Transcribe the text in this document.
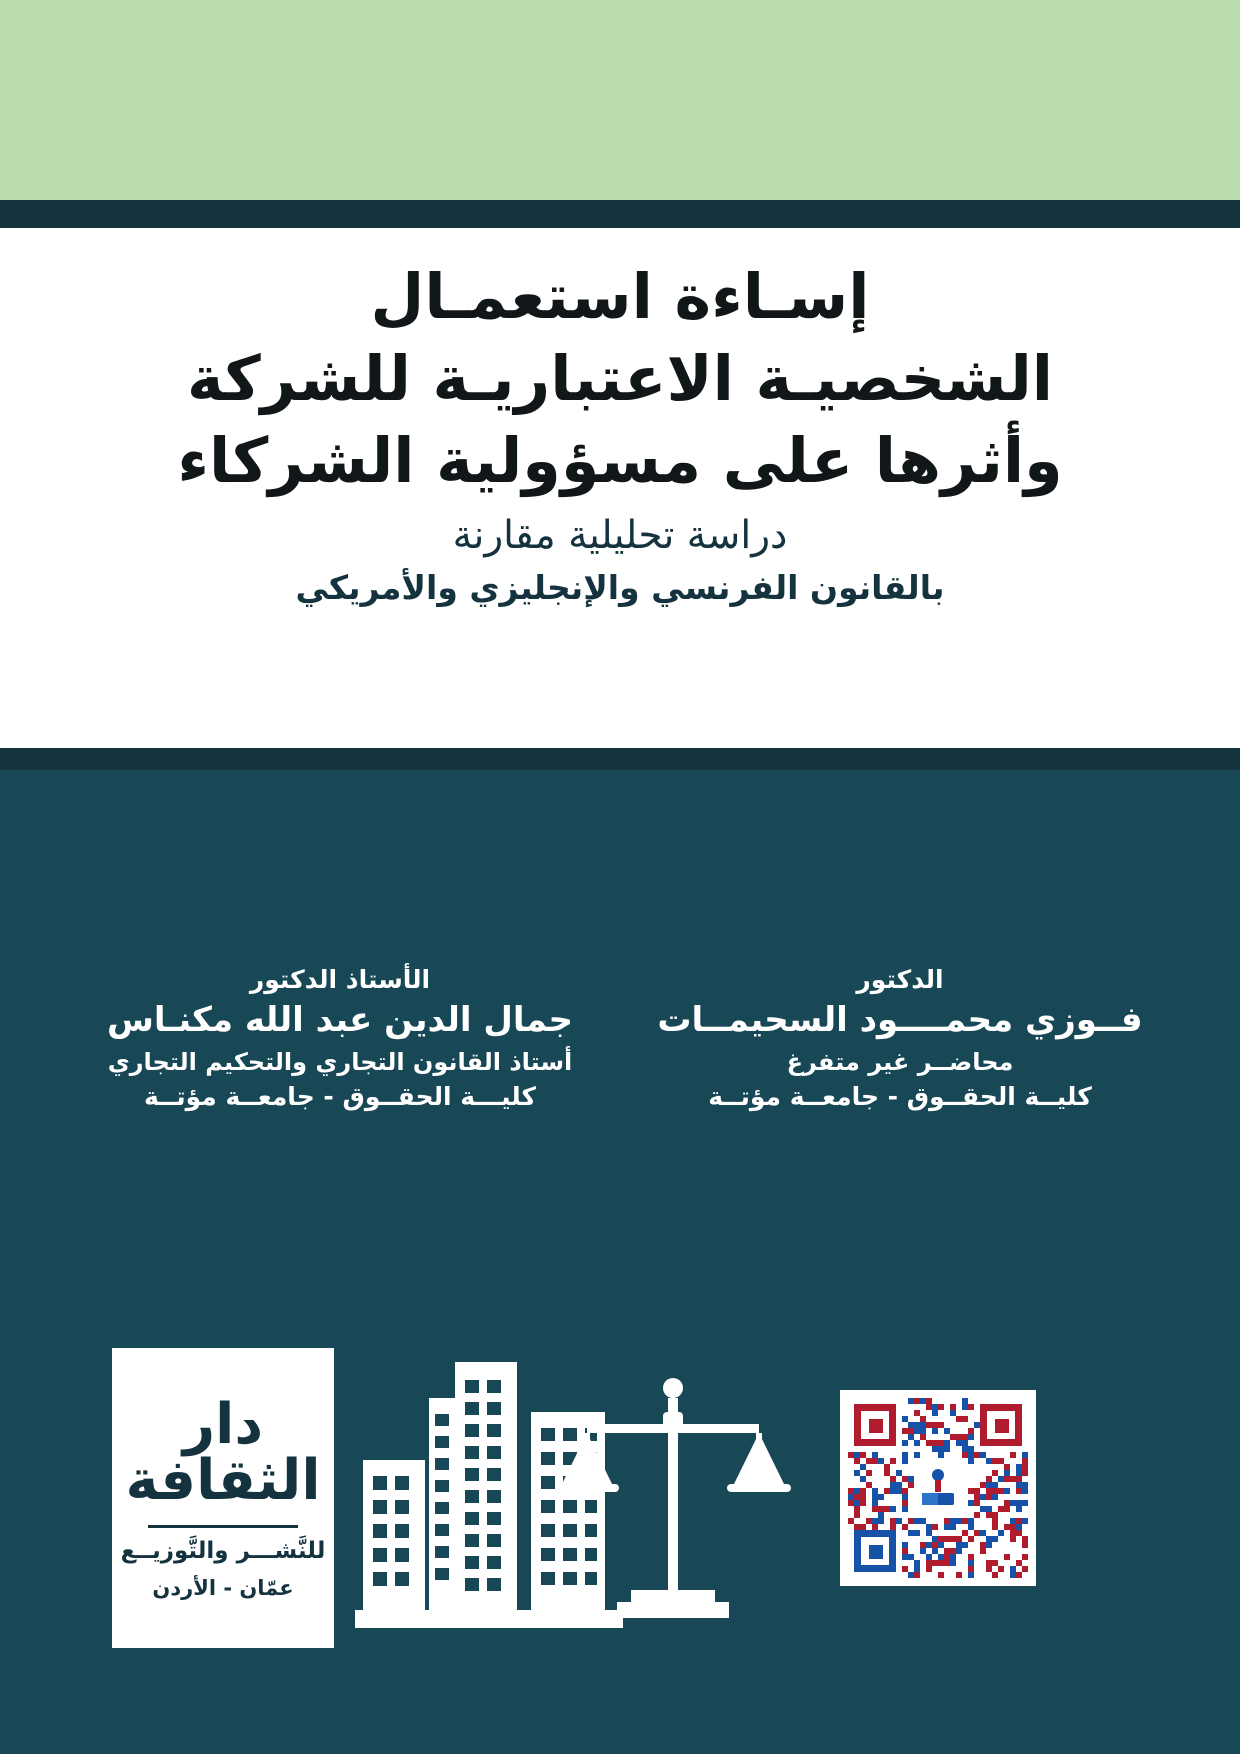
إسـاءة استعمـال
الشخصيـة الاعتباريـة للشركة
وأثرها على مسؤولية الشركاء

دراسة تحليلية مقارنة

بالقانون الفرنسي والإنجليزي والأمريكي

الدكتور
فــوزي محمــــود السحيمــات
محاضــر غير متفرغ
كليــة الحقــوق - جامعــة مؤتــة
الأستاذ الدكتور
جمال الدين عبد الله مكنـاس
أستاذ القانون التجاري والتحكيم التجاري
كليـــة الحقــوق - جامعــة مؤتــة
دار الثقافة
للنَّشـــر والتَّوزيــع
عمّان - الأردن
